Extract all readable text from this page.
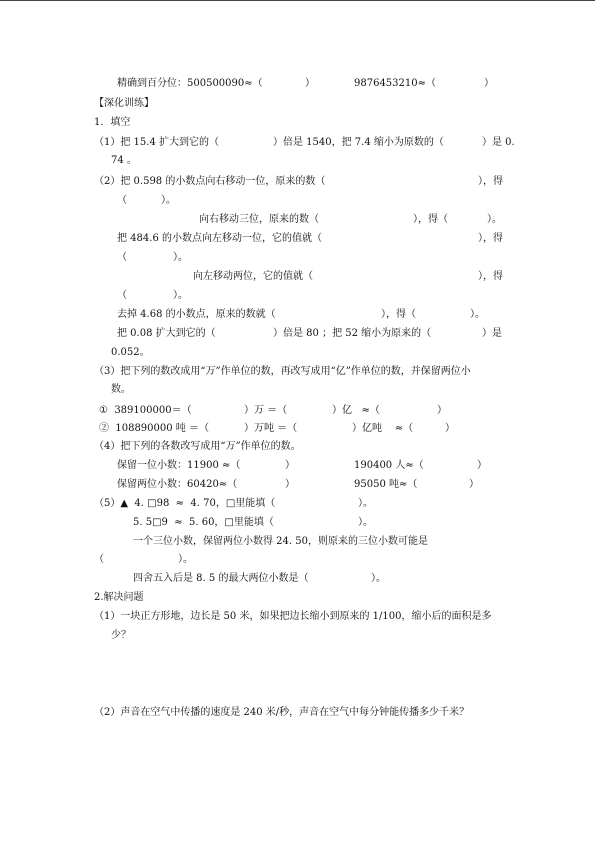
精确到百分位：500500090≈（	）	9876453210≈（	）
【深化训练】
1．填空
（1）把 15.4 扩大到它的（	）倍是 1540，把 7.4 缩小为原数的（	）是 0.
74 。
（2）把 0.598 的小数点向右移动一位，原来的数（	），得
（	）。
向右移动三位，原来的数（	），得（	）。
把 484.6 的小数点向左移动一位，它的值就（	），得
（	）。
向左移动两位，它的值就（	），得
（	）。
去掉 4.68 的小数点，原来的数就（	），得（	）。
把 0.08 扩大到它的（	）倍是 80 ；把 52 缩小为原来的（	）是
0.052。
（3）把下列的数改成用“万”作单位的数，再改写成用“亿”作单位的数，并保留两位小
数。
①  389100000＝（	）万 ＝（	）亿   ≈（	）
②  108890000 吨 ＝（	）万吨 ＝（	）亿吨    ≈（	）
（4）把下列的各数改写成用“万”作单位的数。
保留一位小数：11900 ≈（	）	190400 人≈（	）
保留两位小数：60420≈（	）	95050 吨≈（	）
（5）▲  4. □98  ≈  4. 70，□里能填（	）。
5. 5□9  ≈  5. 60，□里能填（	）。
一个三位小数，保留两位小数得 24. 50，则原来的三位小数可能是
（	）。
四舍五入后是 8. 5 的最大两位小数是（	）。
2.解决问题
（1）一块正方形地，边长是 50 米，如果把边长缩小到原来的 1/100，缩小后的面积是多
少？
（2）声音在空气中传播的速度是 240 米/秒，声音在空气中每分钟能传播多少千米？
